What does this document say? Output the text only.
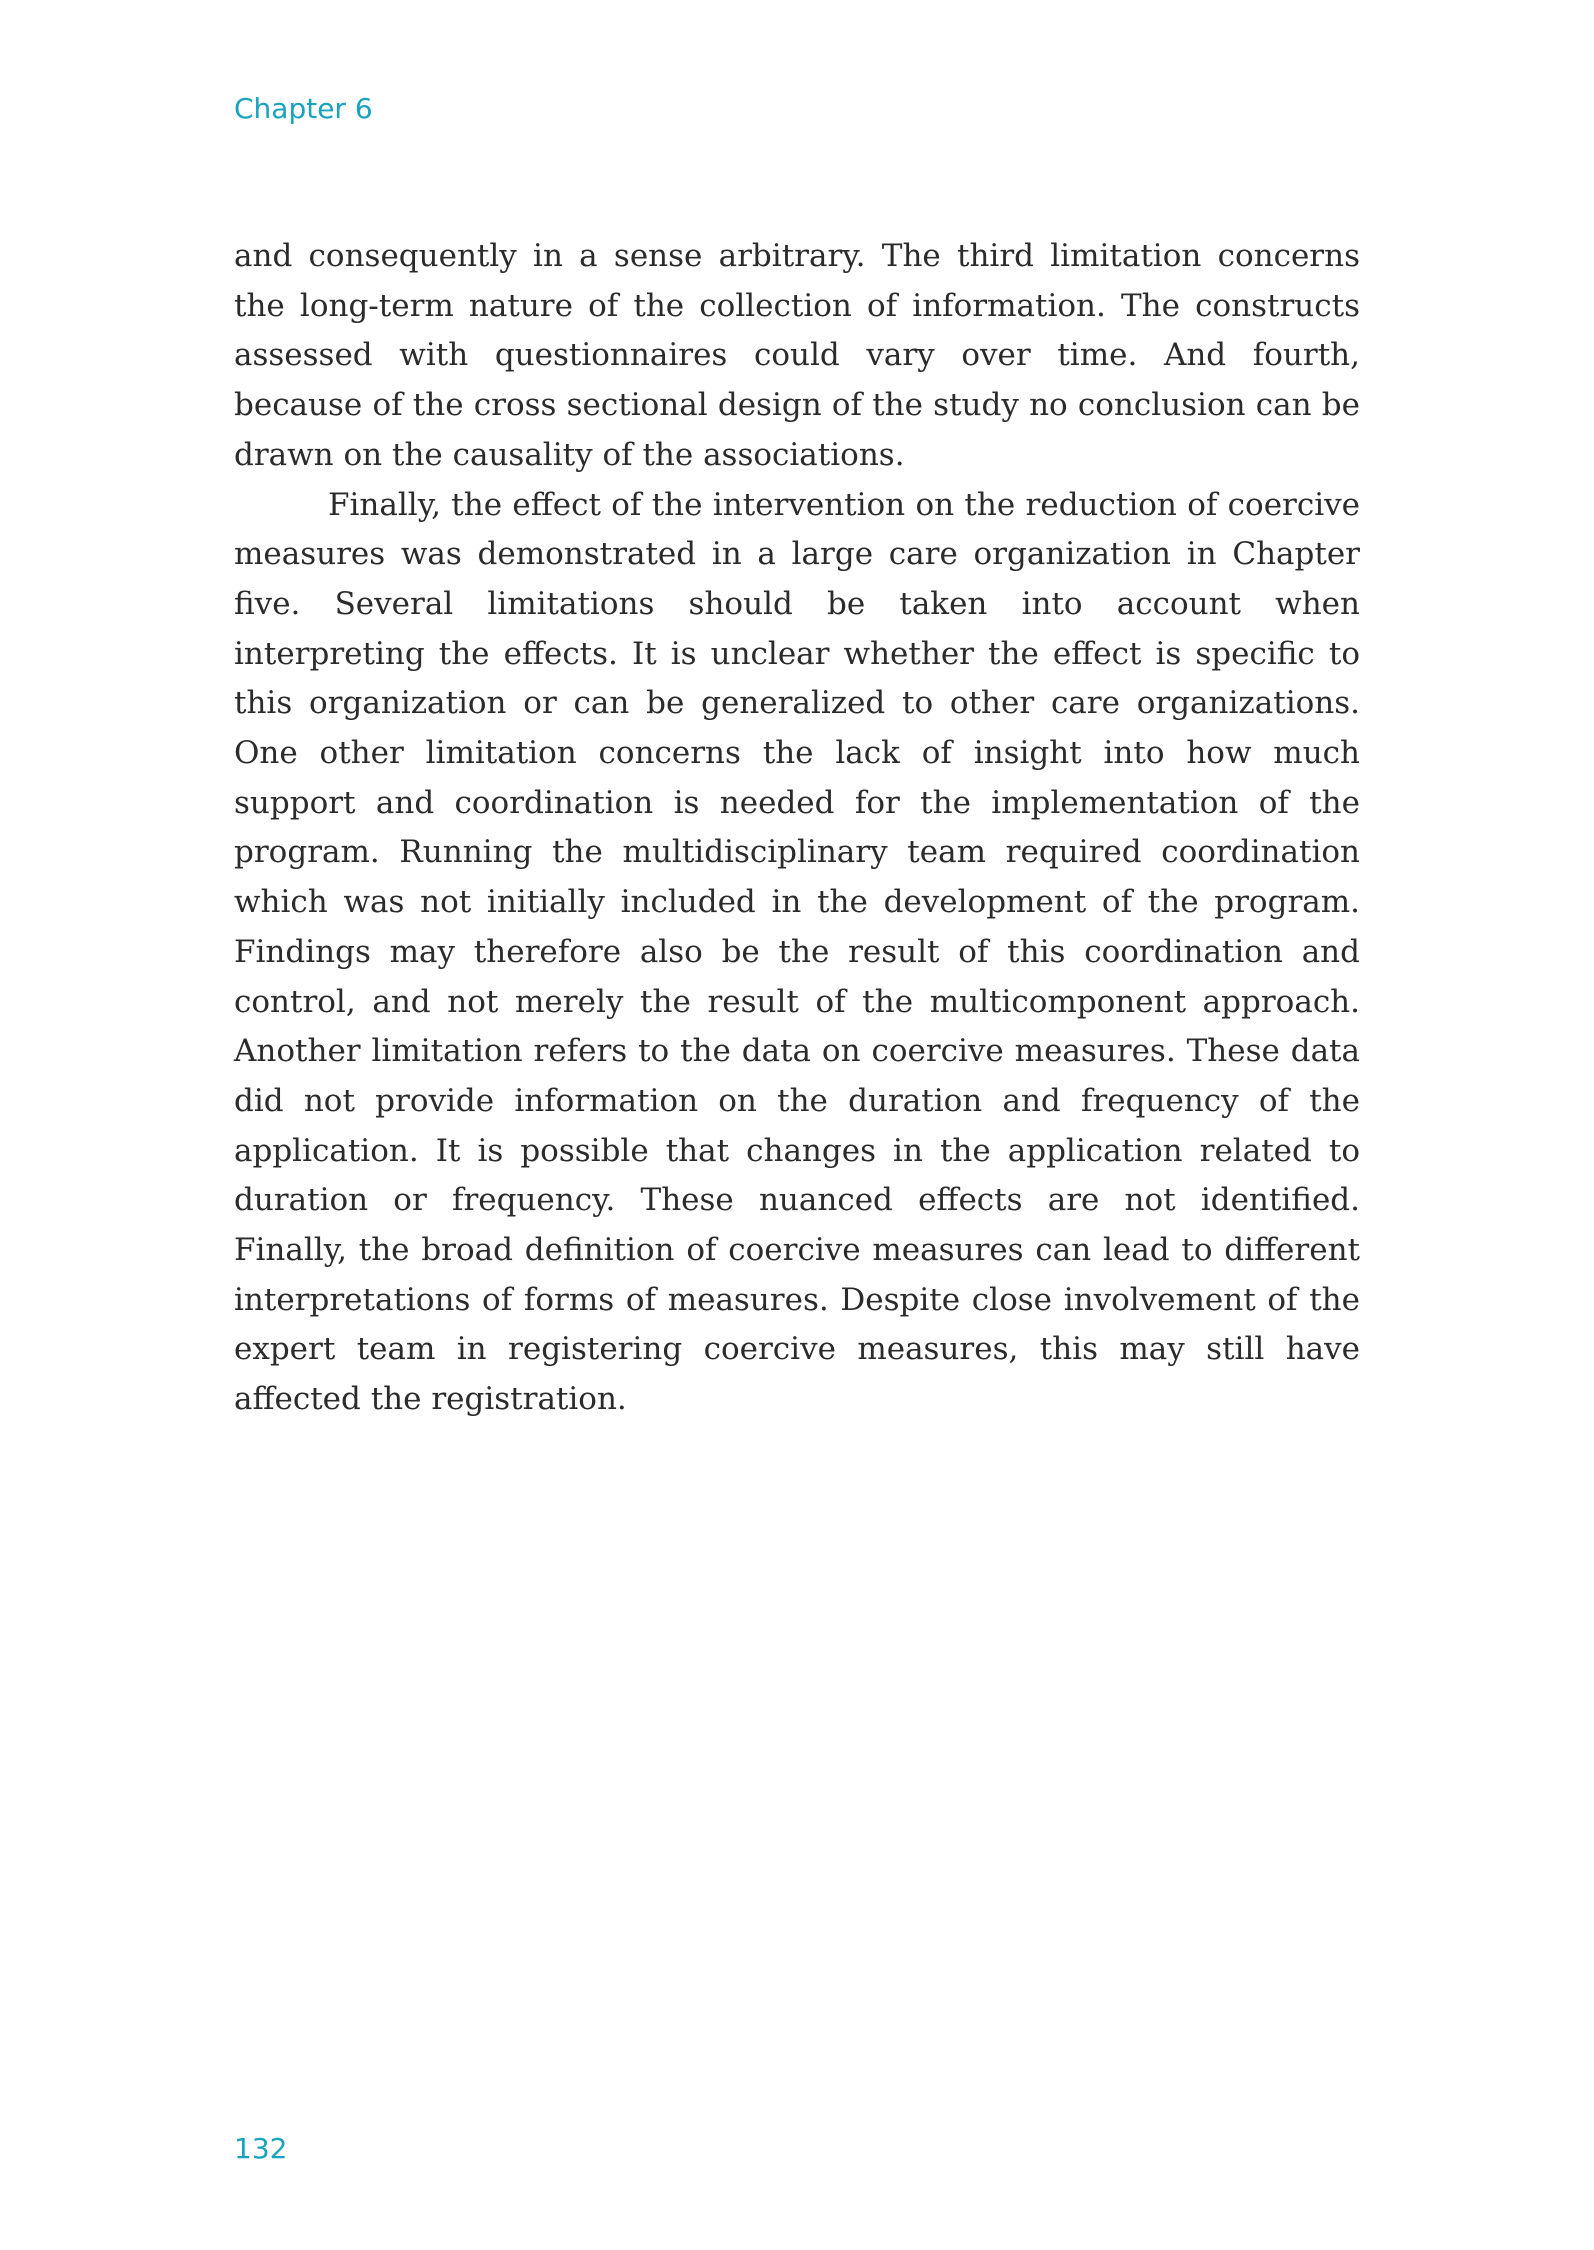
Chapter 6

and consequently in a sense arbitrary. The third limitation concerns the long-term nature of the collection of information. The constructs assessed with questionnaires could vary over time. And fourth, because of the cross sectional design of the study no conclusion can be drawn on the causality of the associations.

Finally, the effect of the intervention on the reduction of coercive measures was demonstrated in a large care organization in Chapter five. Several limitations should be taken into account when interpreting the effects. It is unclear whether the effect is specific to this organization or can be generalized to other care organizations. One other limitation concerns the lack of insight into how much support and coordination is needed for the implementation of the program. Running the multidisciplinary team required coordination which was not initially included in the development of the program. Findings may therefore also be the result of this coordination and control, and not merely the result of the multicomponent approach. Another limitation refers to the data on coercive measures. These data did not provide information on the duration and frequency of the application. It is possible that changes in the application related to duration or frequency. These nuanced effects are not identified. Finally, the broad definition of coercive measures can lead to different interpretations of forms of measures. Despite close involvement of the expert team in registering coercive measures, this may still have affected the registration.

132
